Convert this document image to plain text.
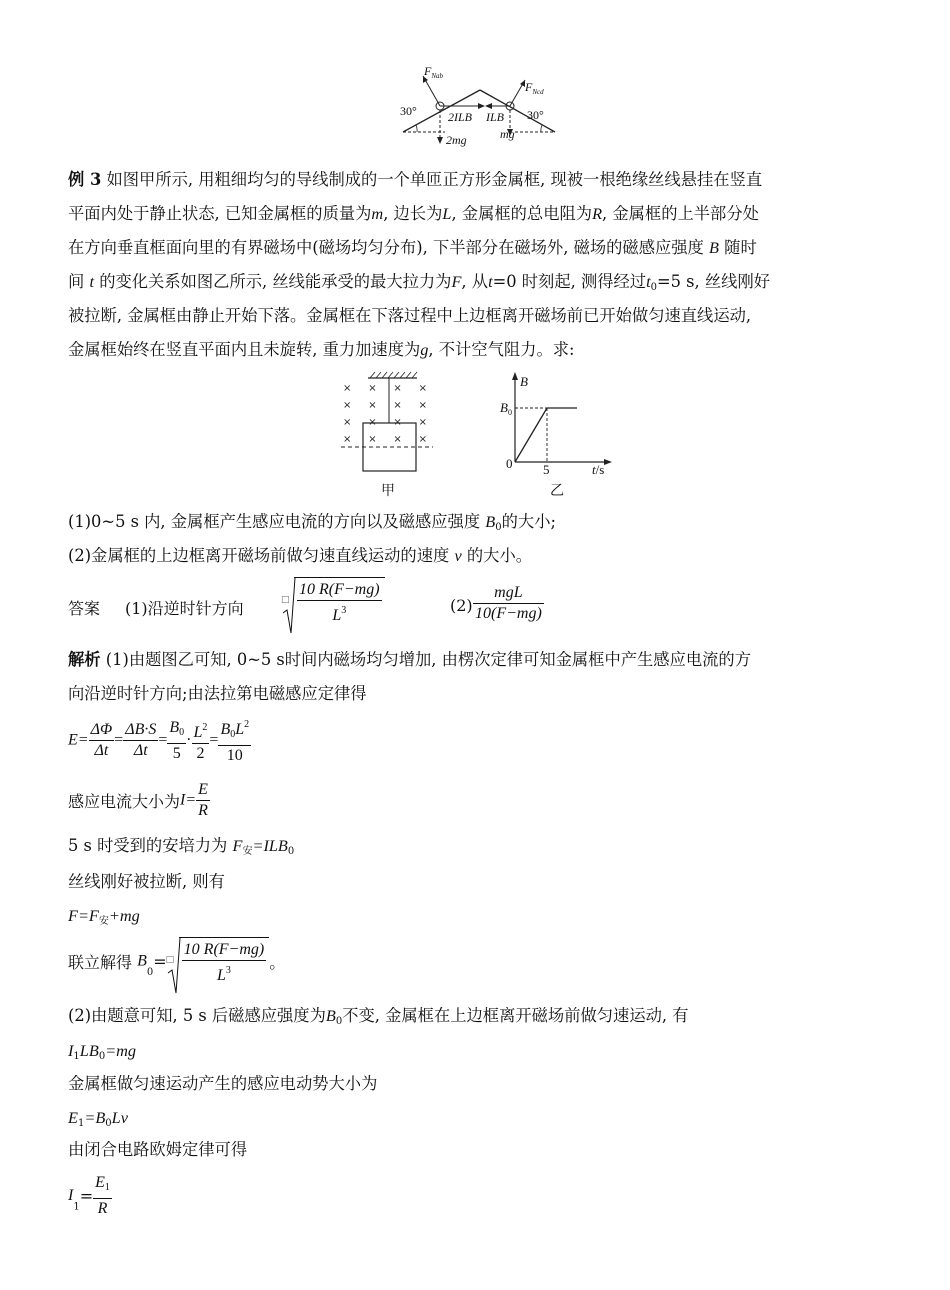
$F_{Nab}$
$F_{Ncd}$
30°	30°
2ILB ILB
2mg	mg
例 3 如图甲所示, 用粗细均匀的导线制成的一个单匝正方形金属框, 现被一根绝缘丝线悬挂在竖直
平面内处于静止状态, 已知金属框的质量为m, 边长为L, 金属框的总电阻为R, 金属框的上半部分处
在方向垂直框面向里的有界磁场中(磁场均匀分布), 下半部分在磁场外, 磁场的磁感应强度 B 随时
间 t 的变化关系如图乙所示, 丝线能承受的最大拉力为F, 从t=0 时刻起, 测得经过$t_0=5$ s, 丝线刚好
被拉断, 金属框由静止开始下落。金属框在下落过程中上边框离开磁场前已开始做匀速直线运动,
金属框始终在竖直平面内且未旋转, 重力加速度为g, 不计空气阻力。求:
× × × ×
× × × ×
× × × ×
× × × ×
甲
B
$B_0$
0 5	t/s
乙
(1)0~5 s 内, 金属框产生感应电流的方向以及磁感应强度 $B_0$的大小;
(2)金属框的上边框离开磁场前做匀速直线运动的速度 v 的大小。
答案 (1)沿逆时针方向	□ $\frac{10 R(F-mg)}{L^3}$	$(2) \frac{\text{mgL}}{10(F-mg)}$
解析 (1)由题图乙可知, 0~5 s时间内磁场均匀增加, 由楞次定律可知金属框中产生感应电流的方
向沿逆时针方向;由法拉第电磁感应定律得
$E= \frac{\Delta\Phi}{\Delta t} = \frac{\Delta B\cdot S}{\Delta t} = \frac{B_0}{5} \cdot \frac{L^2}{2} = \frac{B_0L^2}{10}$
感应电流大小为$I= \frac{E}{R}$
5 s 时受到的安培力为 $F_安=ILB_0$
丝线刚好被拉断, 则有
$F=F_安+mg$
联立解得 $B_0=$ □ $\frac{10 R(F-mg)}{L^3}$ 。
(2)由题意可知, 5 s 后磁感应强度为$B_0$不变, 金属框在上边框离开磁场前做匀速运动, 有
$I_1LB_0=mg$
金属框做匀速运动产生的感应电动势大小为
$E_1=B_0Lv$
由闭合电路欧姆定律可得
$I_1= \frac{E_1}{R}$
